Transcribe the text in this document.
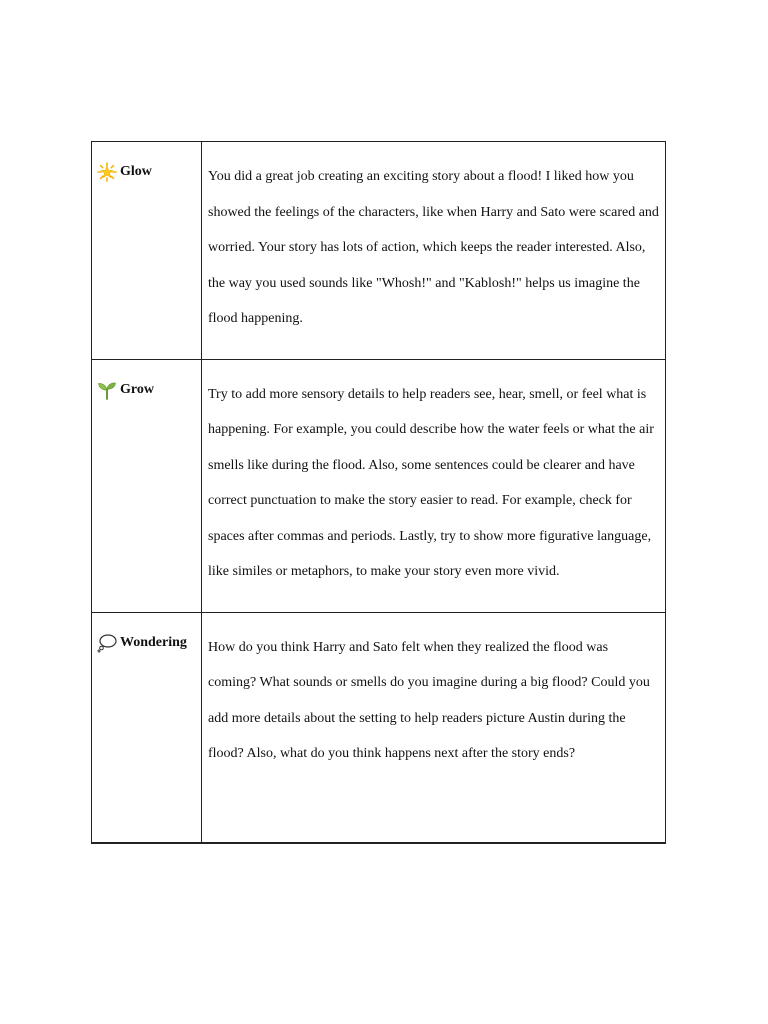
Glow	You did a great job creating an exciting story about a flood! I liked how you showed the feelings of the characters, like when Harry and Sato were scared and worried. Your story has lots of action, which keeps the reader interested. Also, the way you used sounds like "Whosh!" and "Kablosh!" helps us imagine the flood happening.

Grow	Try to add more sensory details to help readers see, hear, smell, or feel what is happening. For example, you could describe how the water feels or what the air smells like during the flood. Also, some sentences could be clearer and have correct punctuation to make the story easier to read. For example, check for spaces after commas and periods. Lastly, try to show more figurative language, like similes or metaphors, to make your story even more vivid.

Wondering	How do you think Harry and Sato felt when they realized the flood was coming? What sounds or smells do you imagine during a big flood? Could you add more details about the setting to help readers picture Austin during the flood? Also, what do you think happens next after the story ends?
